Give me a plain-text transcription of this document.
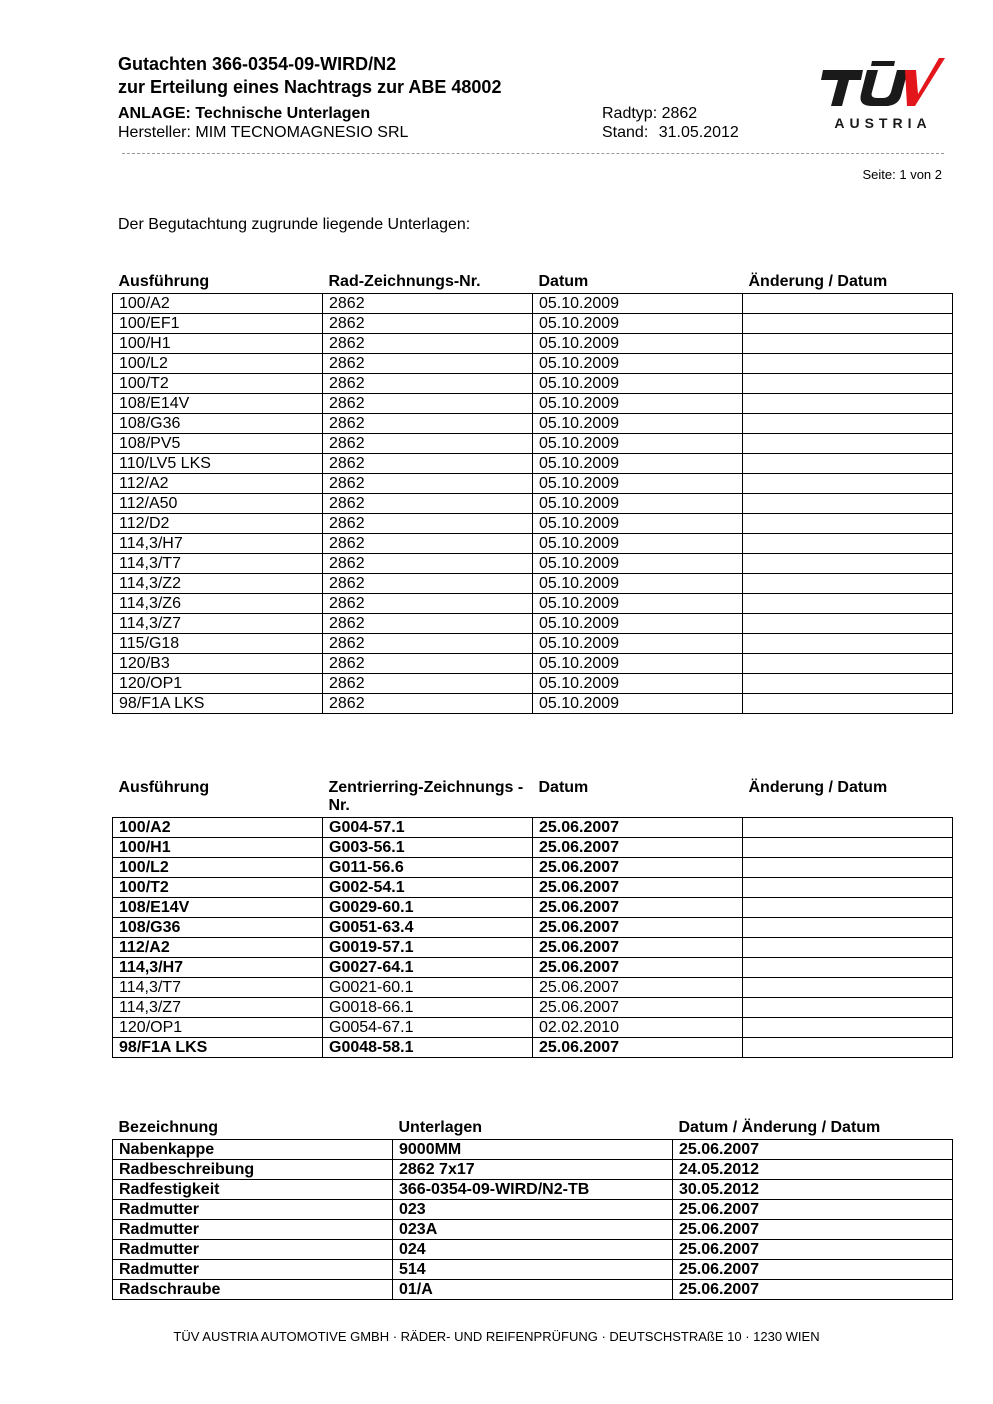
Gutachten 366-0354-09-WIRD/N2
zur Erteilung eines Nachtrags zur ABE 48002
ANLAGE: Technische Unterlagen
Hersteller: MIM TECNOMAGNESIO SRL
Radtyp: 2862
Stand: 31.05.2012
AUSTRIA
Seite: 1 von 2
Der Begutachtung zugrunde liegende Unterlagen:
Ausführung	Rad-Zeichnungs-Nr.	Datum	Änderung / Datum
100/A2	2862	05.10.2009	
100/EF1	2862	05.10.2009	
100/H1	2862	05.10.2009	
100/L2	2862	05.10.2009	
100/T2	2862	05.10.2009	
108/E14V	2862	05.10.2009	
108/G36	2862	05.10.2009	
108/PV5	2862	05.10.2009	
110/LV5 LKS	2862	05.10.2009	
112/A2	2862	05.10.2009	
112/A50	2862	05.10.2009	
112/D2	2862	05.10.2009	
114,3/H7	2862	05.10.2009	
114,3/T7	2862	05.10.2009	
114,3/Z2	2862	05.10.2009	
114,3/Z6	2862	05.10.2009	
114,3/Z7	2862	05.10.2009	
115/G18	2862	05.10.2009	
120/B3	2862	05.10.2009	
120/OP1	2862	05.10.2009	
98/F1A LKS	2862	05.10.2009	
Ausführung	Zentrierring-Zeichnungs -Nr.	Datum	Änderung / Datum
100/A2	G004-57.1	25.06.2007	
100/H1	G003-56.1	25.06.2007	
100/L2	G011-56.6	25.06.2007	
100/T2	G002-54.1	25.06.2007	
108/E14V	G0029-60.1	25.06.2007	
108/G36	G0051-63.4	25.06.2007	
112/A2	G0019-57.1	25.06.2007	
114,3/H7	G0027-64.1	25.06.2007	
114,3/T7	G0021-60.1	25.06.2007	
114,3/Z7	G0018-66.1	25.06.2007	
120/OP1	G0054-67.1	02.02.2010	
98/F1A LKS	G0048-58.1	25.06.2007	
Bezeichnung	Unterlagen	Datum / Änderung / Datum
Nabenkappe	9000MM	25.06.2007
Radbeschreibung	2862 7x17	24.05.2012
Radfestigkeit	366-0354-09-WIRD/N2-TB	30.05.2012
Radmutter	023	25.06.2007
Radmutter	023A	25.06.2007
Radmutter	024	25.06.2007
Radmutter	514	25.06.2007
Radschraube	01/A	25.06.2007
TÜV AUSTRIA AUTOMOTIVE GMBH · RÄDER- UND REIFENPRÜFUNG · DEUTSCHSTRAßE 10 · 1230 WIEN
